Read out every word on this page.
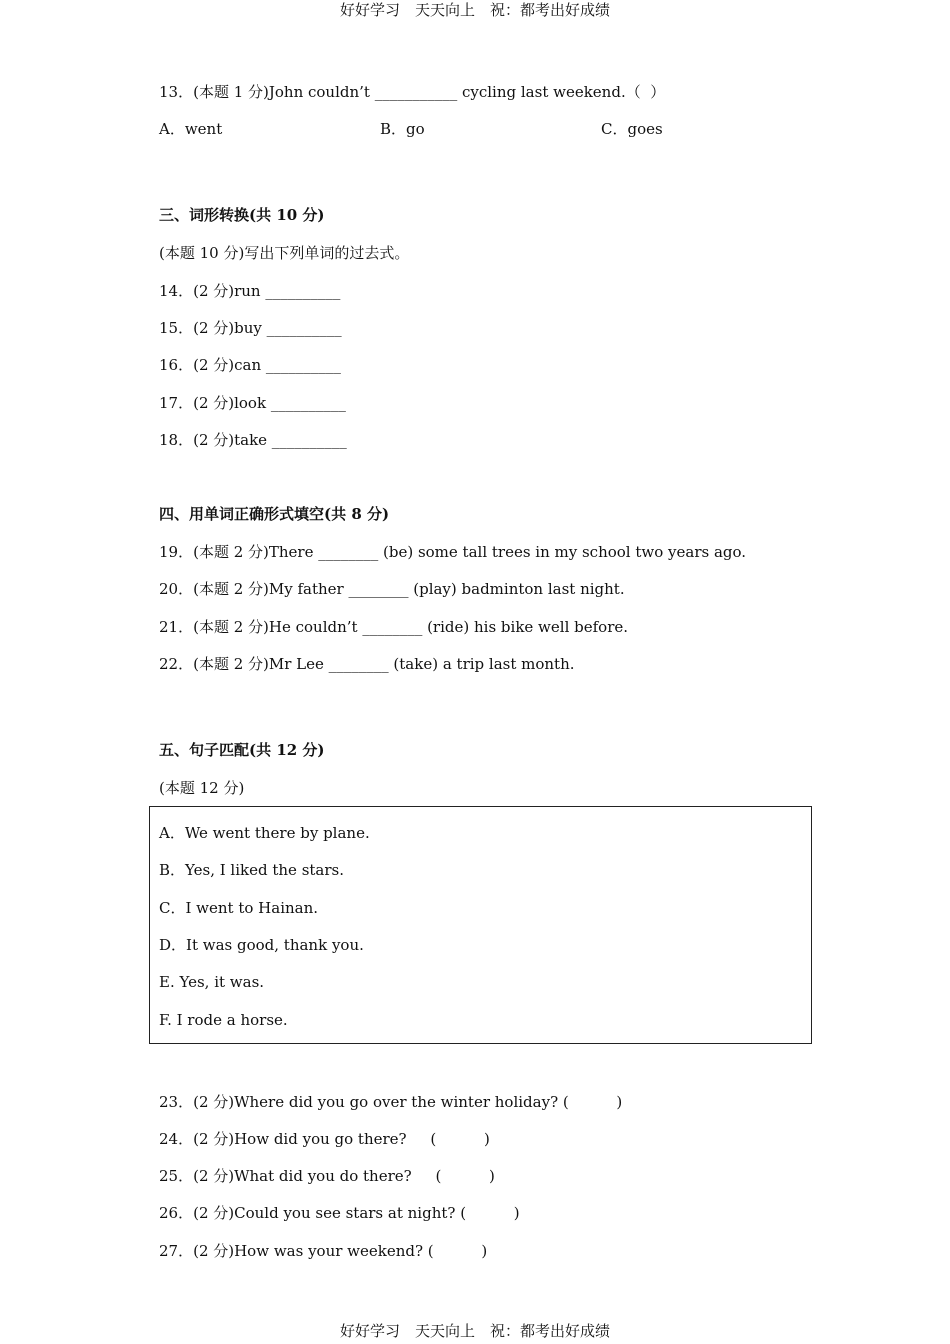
好好学习　天天向上　祝：都考出好成绩
13．(本题 1 分)John couldn’t ___________ cycling last weekend.（  ）
A．went	B．go	C．goes
三、词形转换(共 10 分)
(本题 10 分)写出下列单词的过去式。
14．(2 分)run __________
15．(2 分)buy __________
16．(2 分)can __________
17．(2 分)look __________
18．(2 分)take __________
四、用单词正确形式填空(共 8 分)
19．(本题 2 分)There ________ (be) some tall trees in my school two years ago.
20．(本题 2 分)My father ________ (play) badminton last night.
21．(本题 2 分)He couldn’t ________ (ride) his bike well before.
22．(本题 2 分)Mr Lee ________ (take) a trip last month.
五、句子匹配(共 12 分)
(本题 12 分)
A．We went there by plane.
B．Yes, I liked the stars.
C．I went to Hainan.
D．It was good, thank you.
E. Yes, it was.
F. I rode a horse.
23．(2 分)Where did you go over the winter holiday? (          )
24．(2 分)How did you go there?     (          )
25．(2 分)What did you do there?     (          )
26．(2 分)Could you see stars at night? (          )
27．(2 分)How was your weekend? (          )
好好学习　天天向上　祝：都考出好成绩
